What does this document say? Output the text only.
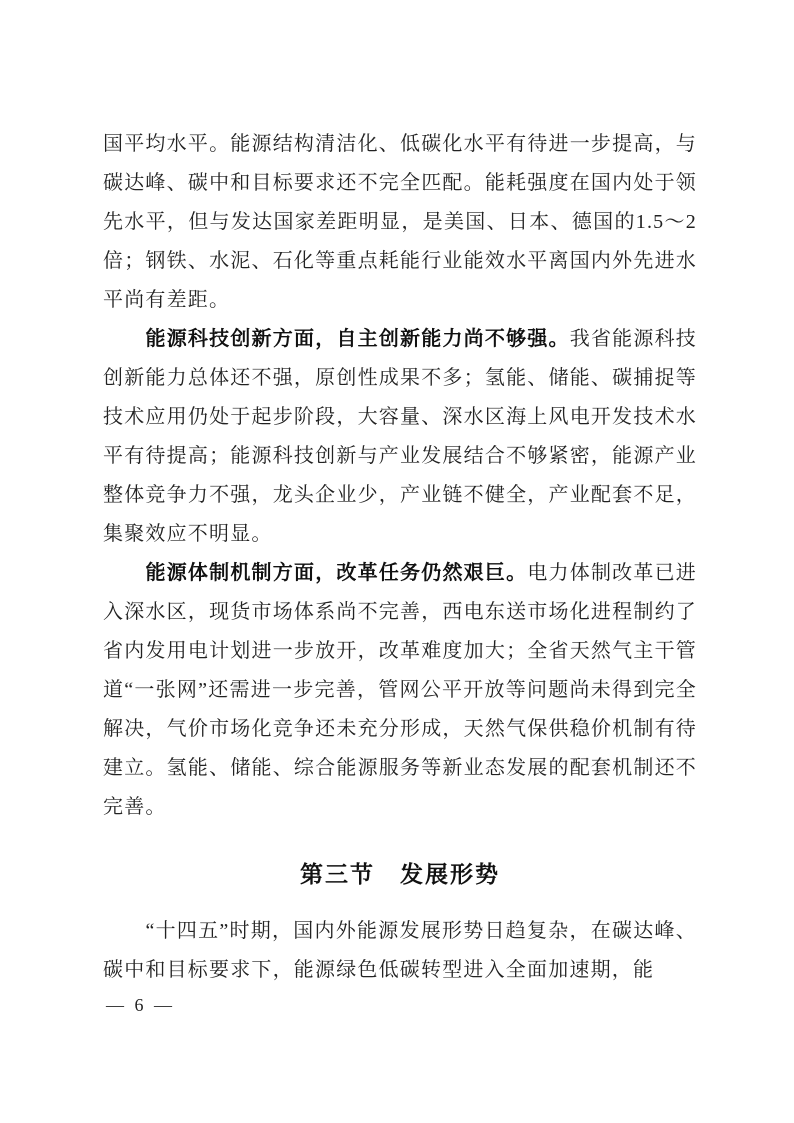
国平均水平。能源结构清洁化、低碳化水平有待进一步提高，与碳达峰、碳中和目标要求还不完全匹配。能耗强度在国内处于领先水平，但与发达国家差距明显，是美国、日本、德国的1.5～2倍；钢铁、水泥、石化等重点耗能行业能效水平离国内外先进水平尚有差距。

能源科技创新方面，自主创新能力尚不够强。我省能源科技创新能力总体还不强，原创性成果不多；氢能、储能、碳捕捉等技术应用仍处于起步阶段，大容量、深水区海上风电开发技术水平有待提高；能源科技创新与产业发展结合不够紧密，能源产业整体竞争力不强，龙头企业少，产业链不健全，产业配套不足，集聚效应不明显。

能源体制机制方面，改革任务仍然艰巨。电力体制改革已进入深水区，现货市场体系尚不完善，西电东送市场化进程制约了省内发用电计划进一步放开，改革难度加大；全省天然气主干管道“一张网”还需进一步完善，管网公平开放等问题尚未得到完全解决，气价市场化竞争还未充分形成，天然气保供稳价机制有待建立。氢能、储能、综合能源服务等新业态发展的配套机制还不完善。

第三节　发展形势

“十四五”时期，国内外能源发展形势日趋复杂，在碳达峰、碳中和目标要求下，能源绿色低碳转型进入全面加速期，能

— 6 —
